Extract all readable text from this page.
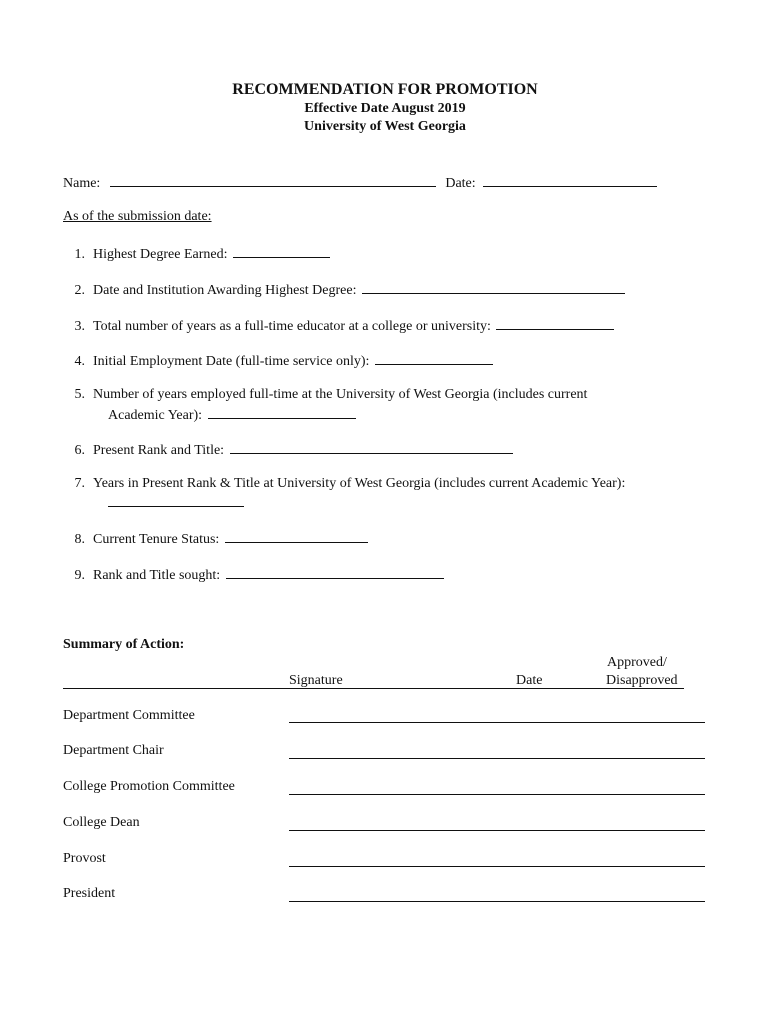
RECOMMENDATION FOR PROMOTION
Effective Date August 2019
University of West Georgia
Name:	Date:
As of the submission date:
1. Highest Degree Earned:
2. Date and Institution Awarding Highest Degree:
3. Total number of years as a full-time educator at a college or university:
4. Initial Employment Date (full-time service only):
5. Number of years employed full-time at the University of West Georgia (includes current
Academic Year):
6. Present Rank and Title:
7. Years in Present Rank & Title at University of West Georgia (includes current Academic Year):
8. Current Tenure Status:
9. Rank and Title sought:
Summary of Action:
Approved/
Signature	Date	Disapproved
Department Committee
Department Chair
College Promotion Committee
College Dean
Provost
President
